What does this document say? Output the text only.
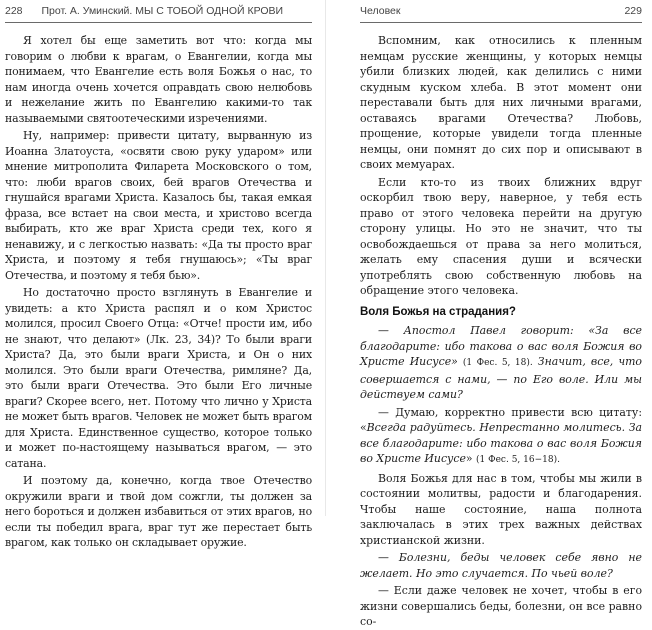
228 Прот. А. Уминский. МЫ С ТОБОЙ ОДНОЙ КРОВИ

Я хотел бы еще заметить вот что: когда мы говорим о любви к врагам, о Евангелии, когда мы понимаем, что Евангелие есть воля Божья о нас, то нам иногда очень хочется оправдать свою нелюбовь и нежелание жить по Евангелию какими-то так называемыми святоотеческими изречениями.

Ну, например: привести цитату, вырванную из Иоанна Златоуста, «освяти свою руку ударом» или мнение митрополита Филарета Московского о том, что: люби врагов своих, бей врагов Отечества и гнушайся врагами Христа. Казалось бы, такая емкая фраза, все встает на свои места, и христово всегда выбирать, кто же враг Христа среди тех, кого я ненавижу, и с легкостью назвать: «Да ты просто враг Христа, и поэтому я тебя гнушаюсь»; «Ты враг Отечества, и поэтому я тебя бью».

Но достаточно просто взглянуть в Евангелие и увидеть: а кто Христа распял и о ком Христос молился, просил Своего Отца: «Отче! прости им, ибо не знают, что делают» (Лк. 23, 34)? То были враги Христа? Да, это были враги Христа, и Он о них молился. Это были враги Отечества, римляне? Да, это были враги Отечества. Это были Его личные враги? Скорее всего, нет. Потому что лично у Христа не может быть врагов. Человек не может быть врагом для Христа. Единственное существо, которое только и может по-настоящему называться врагом, — это сатана.

И поэтому да, конечно, когда твое Отечество окружили враги и твой дом сожгли, ты должен за него бороться и должен избавиться от этих врагов, но если ты победил врага, враг тут же перестает быть врагом, как только он складывает оружие.

Человек	229

Вспомним, как относились к пленным немцам русские женщины, у которых немцы убили близких людей, как делились с ними скудным куском хлеба. В этот момент они переставали быть для них личными врагами, оставаясь врагами Отечества? Любовь, прощение, которые увидели тогда пленные немцы, они помнят до сих пор и описывают в своих мемуарах.

Если кто-то из твоих ближних вдруг оскорбил твою веру, наверное, у тебя есть право от этого человека перейти на другую сторону улицы. Но это не значит, что ты освобождаешься от права за него молиться, желать ему спасения души и всячески употреблять свою собственную любовь на обращение этого человека.

Воля Божья на страдания?

— Апостол Павел говорит: «За все благодарите: ибо такова о вас воля Божия во Христе Иисусе» (1 Фес. 5, 18). Значит, все, что совершается с нами, — по Его воле. Или мы действуем сами?

— Думаю, корректно привести всю цитату: «Всегда радуйтесь. Непрестанно молитесь. За все благодарите: ибо такова о вас воля Божия во Христе Иисусе» (1 Фес. 5, 16−18).

Воля Божья для нас в том, чтобы мы жили в состоянии молитвы, радости и благодарения. Чтобы наше состояние, наша полнота заключалась в этих трех важных действах христианской жизни.

— Болезни, беды человек себе явно не желает. Но это случается. По чьей воле?

— Если даже человек не хочет, чтобы в его жизни совершались беды, болезни, он все равно со-
